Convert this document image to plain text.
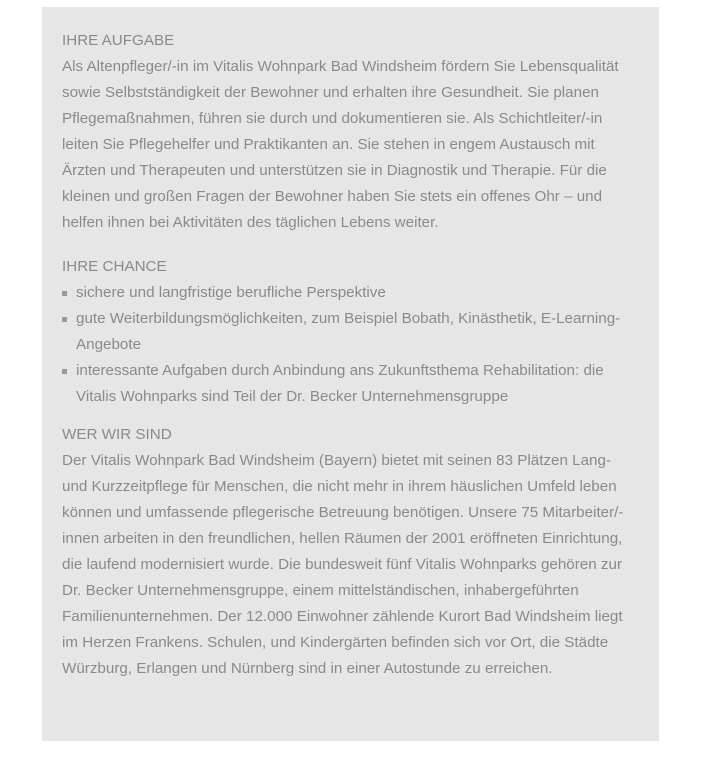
IHRE AUFGABE

Als Altenpfleger/-in im Vitalis Wohnpark Bad Windsheim fördern Sie Lebensqualität sowie Selbstständigkeit der Bewohner und erhalten ihre Gesundheit. Sie planen Pflegemaßnahmen, führen sie durch und dokumentieren sie. Als Schichtleiter/-in leiten Sie Pflegehelfer und Praktikanten an. Sie stehen in engem Austausch mit Ärzten und Therapeuten und unterstützen sie in Diagnostik und Therapie. Für die kleinen und großen Fragen der Bewohner haben Sie stets ein offenes Ohr – und helfen ihnen bei Aktivitäten des täglichen Lebens weiter.

IHRE CHANCE
sichere und langfristige berufliche Perspektive
gute Weiterbildungsmöglichkeiten, zum Beispiel Bobath, Kinästhetik, E-Learning-Angebote
interessante Aufgaben durch Anbindung ans Zukunftsthema Rehabilitation: die Vitalis Wohnparks sind Teil der Dr. Becker Unternehmensgruppe
WER WIR SIND

Der Vitalis Wohnpark Bad Windsheim (Bayern) bietet mit seinen 83 Plätzen Lang- und Kurzzeitpflege für Menschen, die nicht mehr in ihrem häuslichen Umfeld leben können und umfassende pflegerische Betreuung benötigen. Unsere 75 Mitarbeiter/-innen arbeiten in den freundlichen, hellen Räumen der 2001 eröffneten Einrichtung, die laufend modernisiert wurde. Die bundesweit fünf Vitalis Wohnparks gehören zur Dr. Becker Unternehmensgruppe, einem mittelständischen, inhabergeführten Familienunternehmen. Der 12.000 Einwohner zählende Kurort Bad Windsheim liegt im Herzen Frankens. Schulen, und Kindergärten befinden sich vor Ort, die Städte Würzburg, Erlangen und Nürnberg sind in einer Autostunde zu erreichen.
